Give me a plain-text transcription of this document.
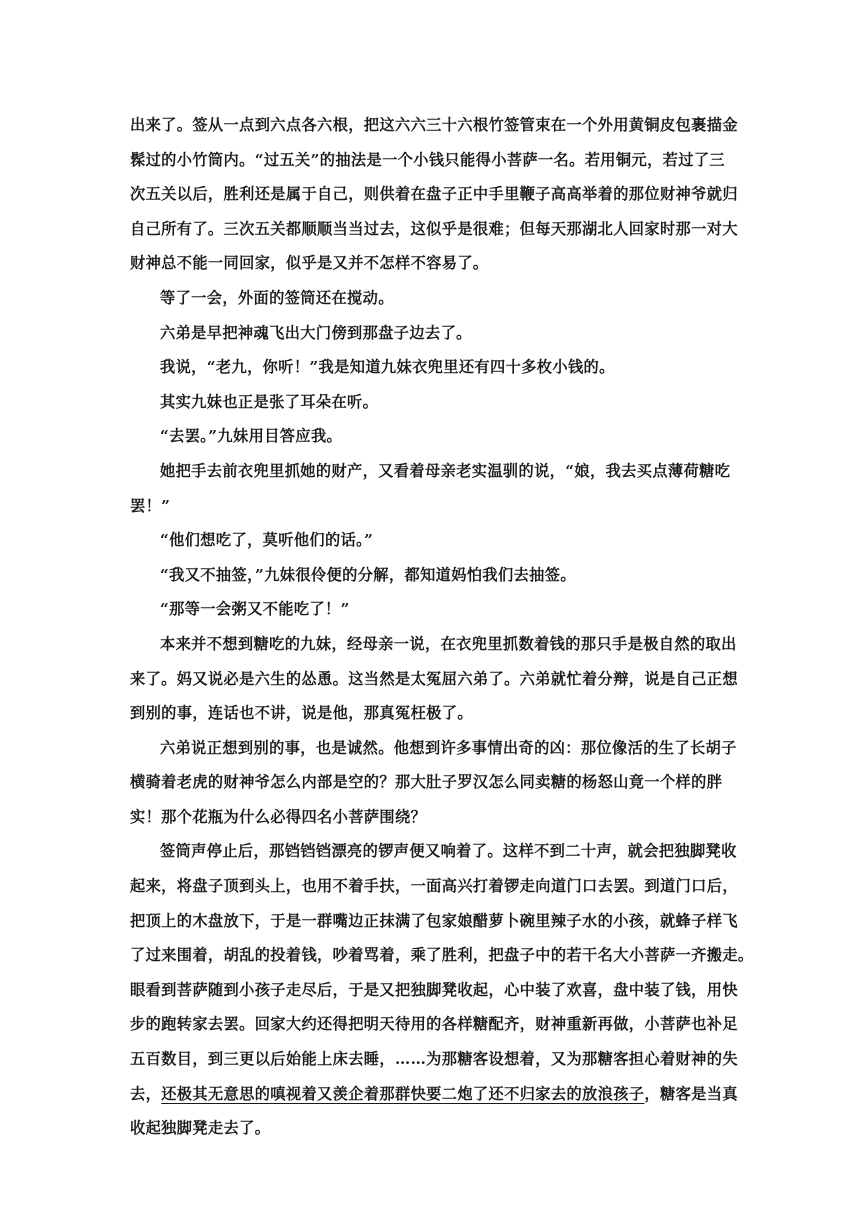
出来了。签从一点到六点各六根，把这六六三十六根竹签管束在一个外用黄铜皮包裹描金
髹过的小竹筒内。“过五关”的抽法是一个小钱只能得小菩萨一名。若用铜元，若过了三
次五关以后，胜利还是属于自己，则供着在盘子正中手里鞭子高高举着的那位财神爷就归
自己所有了。三次五关都顺顺当当过去，这似乎是很难；但每天那湖北人回家时那一对大
财神总不能一同回家，似乎是又并不怎样不容易了。
等了一会，外面的签筒还在搅动。
六弟是早把神魂飞出大门傍到那盘子边去了。
我说，“老九，你听！”我是知道九妹衣兜里还有四十多枚小钱的。
其实九妹也正是张了耳朵在听。
“去罢。”九妹用目答应我。
她把手去前衣兜里抓她的财产，又看着母亲老实温驯的说，“娘，我去买点薄荷糖吃
罢！”
“他们想吃了，莫听他们的话。”
“我又不抽签，”九妹很伶便的分解，都知道妈怕我们去抽签。
“那等一会粥又不能吃了！”
本来并不想到糖吃的九妹，经母亲一说，在衣兜里抓数着钱的那只手是极自然的取出
来了。妈又说必是六生的怂恿。这当然是太冤屈六弟了。六弟就忙着分辩，说是自己正想
到别的事，连话也不讲，说是他，那真冤枉极了。
六弟说正想到别的事，也是诚然。他想到许多事情出奇的凶：那位像活的生了长胡子
横骑着老虎的财神爷怎么内部是空的？那大肚子罗汉怎么同卖糖的杨怒山竟一个样的胖
实！那个花瓶为什么必得四名小菩萨围绕？
签筒声停止后，那铛铛铛漂亮的锣声便又响着了。这样不到二十声，就会把独脚凳收
起来，将盘子顶到头上，也用不着手扶，一面高兴打着锣走向道门口去罢。到道门口后，
把顶上的木盘放下，于是一群嘴边正抹满了包家娘醋萝卜碗里辣子水的小孩，就蜂子样飞
了过来围着，胡乱的投着钱，吵着骂着，乘了胜利，把盘子中的若干名大小菩萨一齐搬走。
眼看到菩萨随到小孩子走尽后，于是又把独脚凳收起，心中装了欢喜，盘中装了钱，用快
步的跑转家去罢。回家大约还得把明天待用的各样糖配齐，财神重新再做，小菩萨也补足
五百数目，到三更以后始能上床去睡，……为那糖客设想着，又为那糖客担心着财神的失
去，还极其无意思的嗔视着又羡企着那群快要二炮了还不归家去的放浪孩子，糖客是当真
收起独脚凳走去了。
